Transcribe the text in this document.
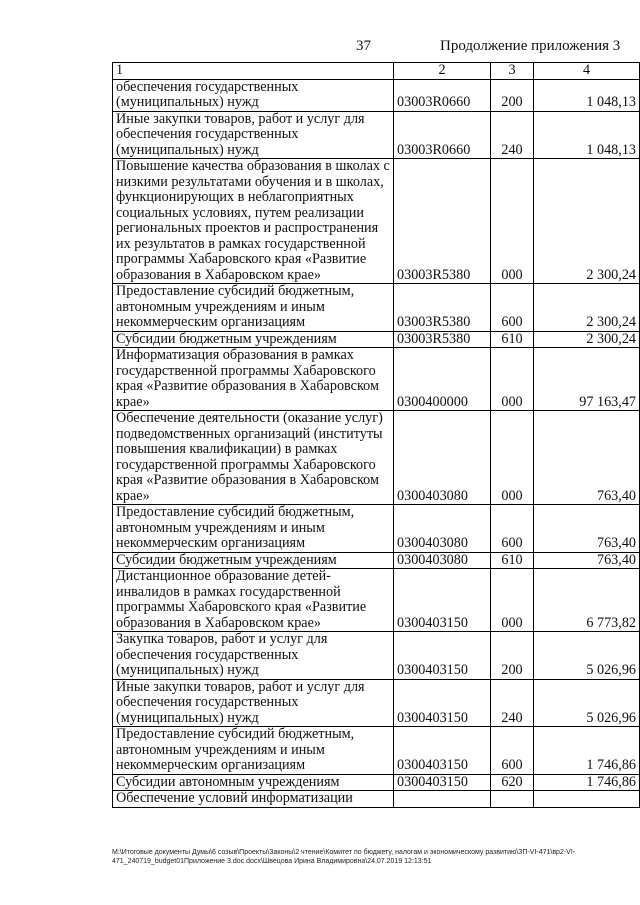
37	Продолжение приложения 3
1	2	3	4
обеспечения государственных (муниципальных) нужд	03003R0660	200	1 048,13
Иные закупки товаров, работ и услуг для обеспечения государственных (муниципальных) нужд	03003R0660	240	1 048,13
Повышение качества образования в школах с низкими результатами обучения и в школах, функционирующих в неблагоприятных социальных условиях, путем реализации региональных проектов и распространения их результатов в рамках государственной программы Хабаровского края «Развитие образования в Хабаровском крае»	03003R5380	000	2 300,24
Предоставление субсидий бюджетным, автономным учреждениям и иным некоммерческим организациям	03003R5380	600	2 300,24
Субсидии бюджетным учреждениям	03003R5380	610	2 300,24
Информатизация образования в рамках государственной программы Хабаровского края «Развитие образования в Хабаровском крае»	0300400000	000	97 163,47
Обеспечение деятельности (оказание услуг) подведомственных организаций (институты повышения квалификации) в рамках государственной программы Хабаровского края «Развитие образования в Хабаровском крае»	0300403080	000	763,40
Предоставление субсидий бюджетным, автономным учреждениям и иным некоммерческим организациям	0300403080	600	763,40
Субсидии бюджетным учреждениям	0300403080	610	763,40
Дистанционное образование детей-инвалидов в рамках государственной программы Хабаровского края «Развитие образования в Хабаровском крае»	0300403150	000	6 773,82
Закупка товаров, работ и услуг для обеспечения государственных (муниципальных) нужд	0300403150	200	5 026,96
Иные закупки товаров, работ и услуг для обеспечения государственных (муниципальных) нужд	0300403150	240	5 026,96
Предоставление субсидий бюджетным, автономным учреждениям и иным некоммерческим организациям	0300403150	600	1 746,86
Субсидии автономным учреждениям	0300403150	620	1 746,86
Обеспечение условий информатизации			
М:\Итоговые документы Думы\6 созыв\Проекты\Законы\2 чтение\Комитет по бюджету, налогам и экономическому развитию\ЗП-VI-471\вр2-VI-471_240719_budget01Приложение 3.doc.docx\Швецова Ирина Владимировна\24.07.2019 12:13:51
